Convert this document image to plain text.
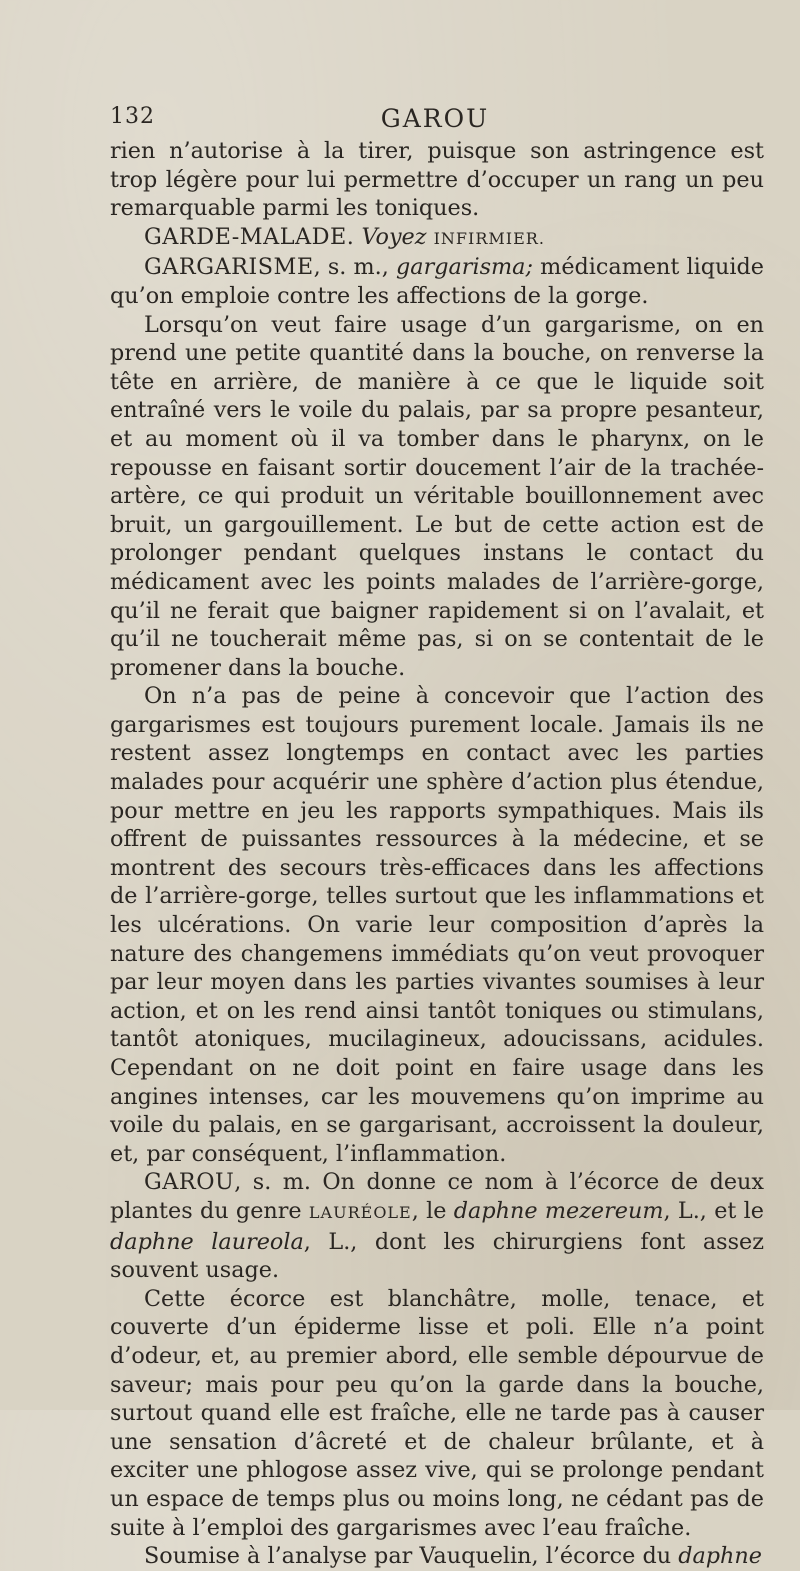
132	GAROU

rien n’autorise à la tirer, puisque son astringence est trop légère pour lui permettre d’occuper un rang un peu remarquable parmi les toniques.

GARDE-MALADE. Voyez INFIRMIER.

GARGARISME, s. m., gargarisma; médicament liquide qu’on emploie contre les affections de la gorge.

Lorsqu’on veut faire usage d’un gargarisme, on en prend une petite quantité dans la bouche, on renverse la tête en arrière, de manière à ce que le liquide soit entraîné vers le voile du palais, par sa propre pesanteur, et au moment où il va tomber dans le pharynx, on le repousse en faisant sortir doucement l’air de la trachée-artère, ce qui produit un véritable bouillonnement avec bruit, un gargouillement. Le but de cette action est de prolonger pendant quelques instans le contact du médicament avec les points malades de l’arrière-gorge, qu’il ne ferait que baigner rapidement si on l’avalait, et qu’il ne toucherait même pas, si on se contentait de le promener dans la bouche.

On n’a pas de peine à concevoir que l’action des gargarismes est toujours purement locale. Jamais ils ne restent assez longtemps en contact avec les parties malades pour acquérir une sphère d’action plus étendue, pour mettre en jeu les rapports sympathiques. Mais ils offrent de puissantes ressources à la médecine, et se montrent des secours très-efficaces dans les affections de l’arrière-gorge, telles surtout que les inflammations et les ulcérations. On varie leur composition d’après la nature des changemens immédiats qu’on veut provoquer par leur moyen dans les parties vivantes soumises à leur action, et on les rend ainsi tantôt toniques ou stimulans, tantôt atoniques, mucilagineux, adoucissans, acidules. Cependant on ne doit point en faire usage dans les angines intenses, car les mouvemens qu’on imprime au voile du palais, en se gargarisant, accroissent la douleur, et, par conséquent, l’inflammation.

GAROU, s. m. On donne ce nom à l’écorce de deux plantes du genre LAURÉOLE, le daphne mezereum, L., et le daphne laureola, L., dont les chirurgiens font assez souvent usage.

Cette écorce est blanchâtre, molle, tenace, et couverte d’un épiderme lisse et poli. Elle n’a point d’odeur, et, au premier abord, elle semble dépourvue de saveur; mais pour peu qu’on la garde dans la bouche, surtout quand elle est fraîche, elle ne tarde pas à causer une sensation d’âcreté et de chaleur brûlante, et à exciter une phlogose assez vive, qui se prolonge pendant un espace de temps plus ou moins long, ne cédant pas de suite à l’emploi des gargarismes avec l’eau fraîche.

Soumise à l’analyse par Vauquelin, l’écorce du daphne
